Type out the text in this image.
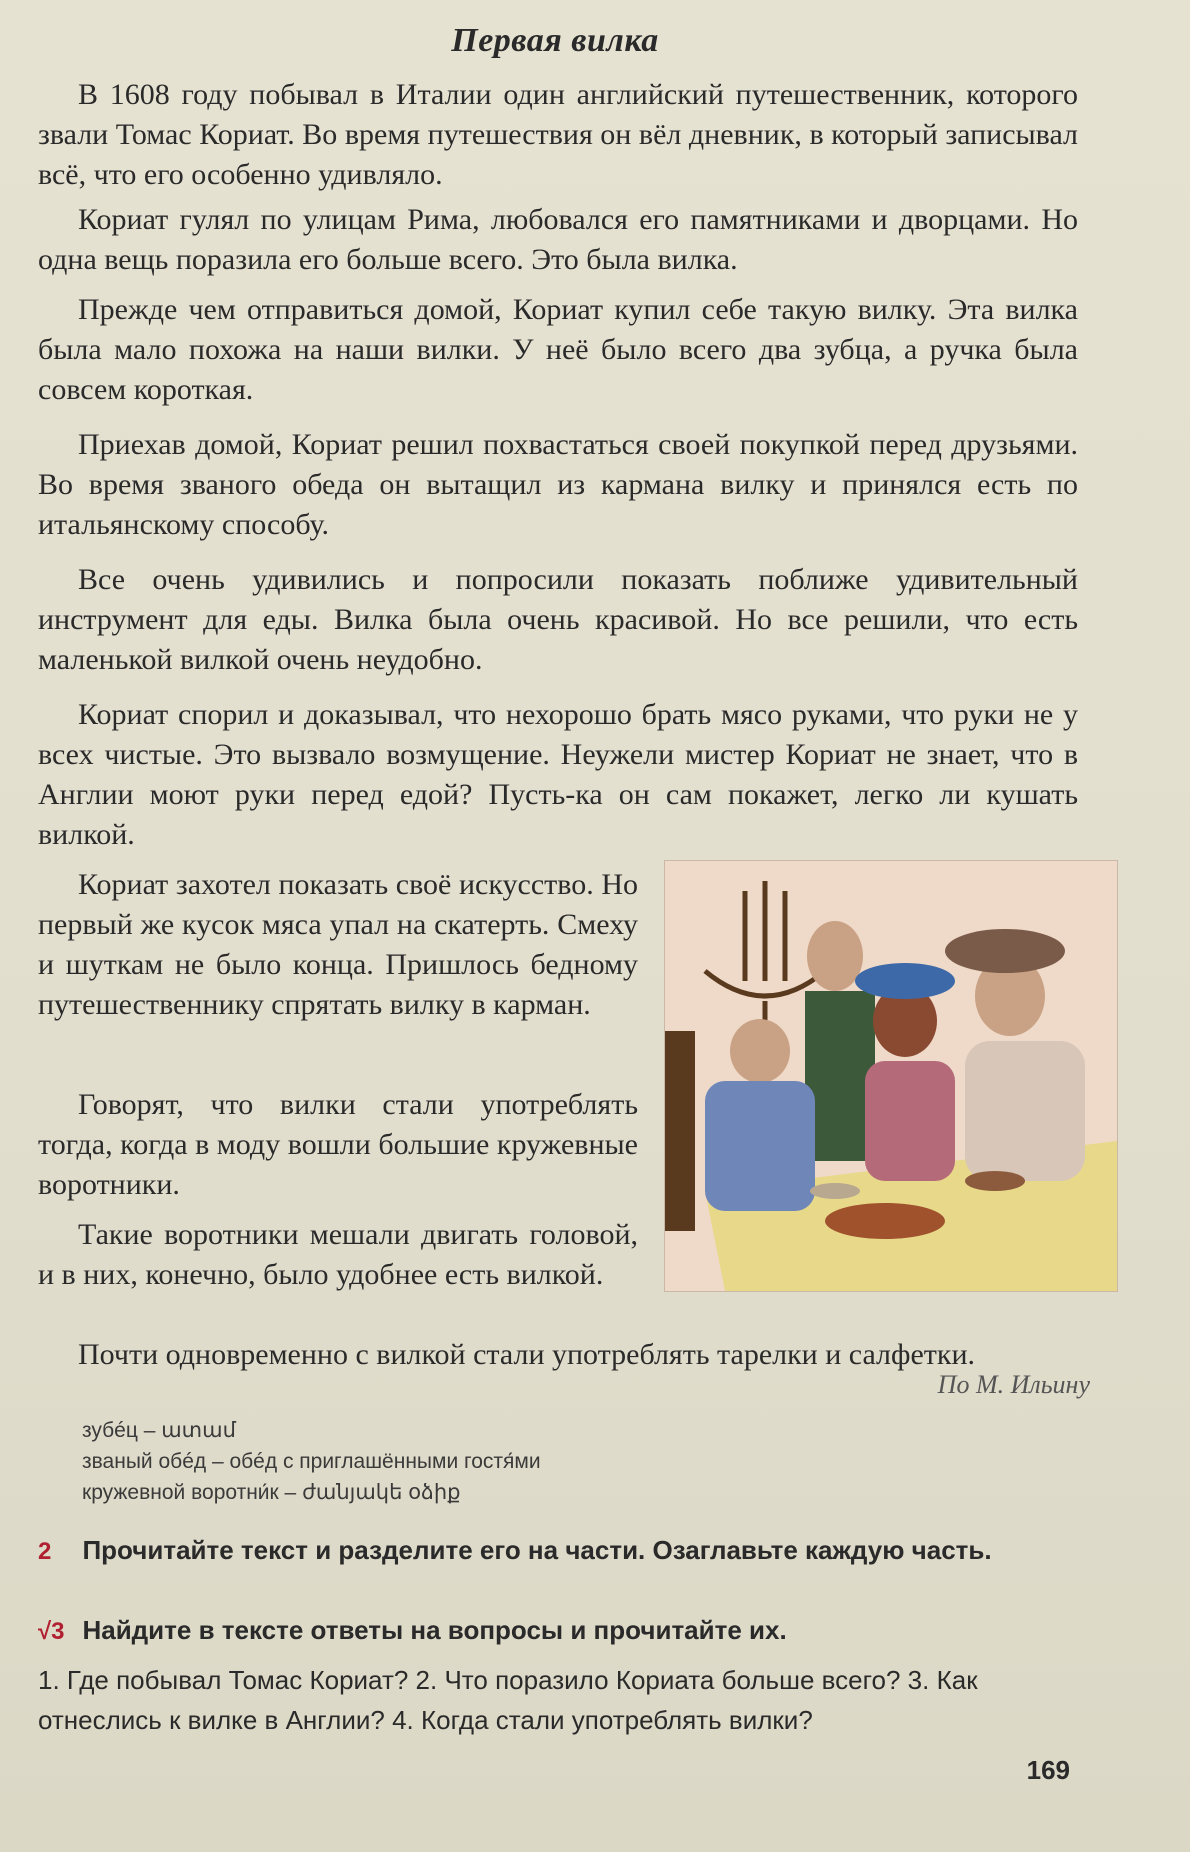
Первая вилка

В 1608 году побывал в Италии один английский путешественник, которого звали Томас Кориат. Во время путешествия он вёл дневник, в который записывал всё, что его особенно удивляло.

Кориат гулял по улицам Рима, любовался его памятниками и дворцами. Но одна вещь поразила его больше всего. Это была вилка.

Прежде чем отправиться домой, Кориат купил себе такую вилку. Эта вилка была мало похожа на наши вилки. У неё было всего два зубца, а ручка была совсем короткая.

Приехав домой, Кориат решил похвастаться своей покупкой перед друзьями. Во время званого обеда он вытащил из кармана вилку и принялся есть по итальянскому способу.

Все очень удивились и попросили показать поближе удивительный инструмент для еды. Вилка была очень красивой. Но все решили, что есть маленькой вилкой очень неудобно.

Кориат спорил и доказывал, что нехорошо брать мясо руками, что руки не у всех чистые. Это вызвало возмущение. Неужели мистер Кориат не знает, что в Англии моют руки перед едой? Пусть-ка он сам покажет, легко ли кушать вилкой.

Кориат захотел показать своё искусство. Но первый же кусок мяса упал на скатерть. Смеху и шуткам не было конца. Пришлось бедному путешественнику спрятать вилку в карман.

Говорят, что вилки стали употреблять тогда, когда в моду вошли большие кружевные воротники.

Такие воротники мешали двигать головой, и в них, конечно, было удобнее есть вилкой.

Почти одновременно с вилкой стали употреблять тарелки и салфетки.

По М. Ильину
зубéц – ատամ
званый обéд – обéд с приглашёнными гостя́ми
кружевной воротни́к – ժանյակե օձիք
2 Прочитайте текст и разделите его на части. Озаглавьте каждую часть.
√3 Найдите в тексте ответы на вопросы и прочитайте их.
1. Где побывал Томас Кориат? 2. Что поразило Кориата больше всего? 3. Как отнеслись к вилке в Англии? 4. Когда стали употреблять вилки?
169
